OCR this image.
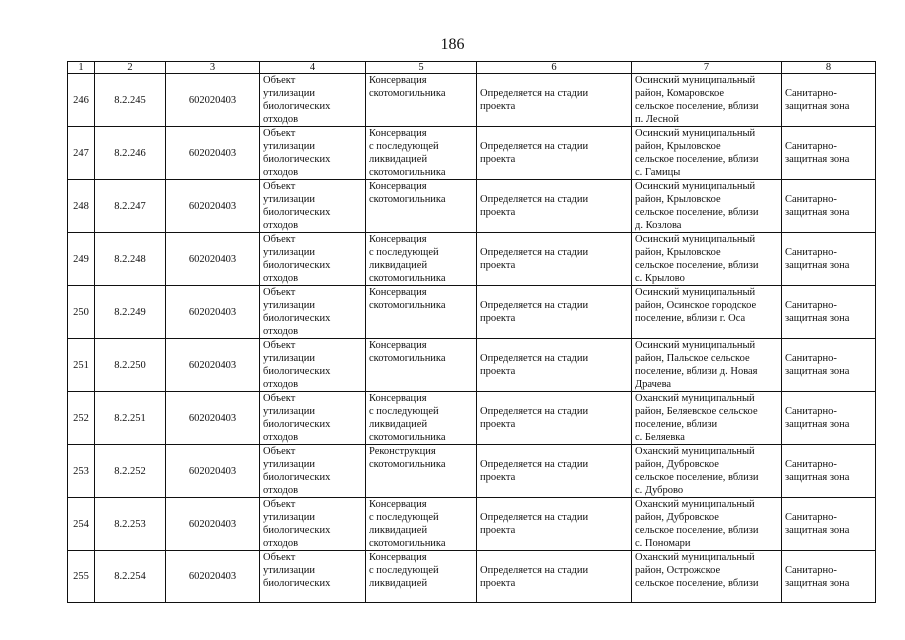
186
1	2	3	4	5	6	7	8

246	8.2.245	602020403	Объект
утилизации
биологических
отходов	Консервация
скотомогильника	Определяется на стадии
проекта	Осинский муниципальный
район, Комаровское
сельское поселение, вблизи
п. Лесной	Санитарно-
защитная зона

247	8.2.246	602020403	Объект
утилизации
биологических
отходов	Консервация
с последующей
ликвидацией
скотомогильника	Определяется на стадии
проекта	Осинский муниципальный
район, Крыловское
сельское поселение, вблизи
с. Гамицы	Санитарно-
защитная зона

248	8.2.247	602020403	Объект
утилизации
биологических
отходов	Консервация
скотомогильника	Определяется на стадии
проекта	Осинский муниципальный
район, Крыловское
сельское поселение, вблизи
д. Козлова	Санитарно-
защитная зона

249	8.2.248	602020403	Объект
утилизации
биологических
отходов	Консервация
с последующей
ликвидацией
скотомогильника	Определяется на стадии
проекта	Осинский муниципальный
район, Крыловское
сельское поселение, вблизи
с. Крылово	Санитарно-
защитная зона

250	8.2.249	602020403	Объект
утилизации
биологических
отходов	Консервация
скотомогильника	Определяется на стадии
проекта	Осинский муниципальный
район, Осинское городское
поселение, вблизи г. Оса	Санитарно-
защитная зона

251	8.2.250	602020403	Объект
утилизации
биологических
отходов	Консервация
скотомогильника	Определяется на стадии
проекта	Осинский муниципальный
район, Пальское сельское
поселение, вблизи д. Новая
Драчева	Санитарно-
защитная зона

252	8.2.251	602020403	Объект
утилизации
биологических
отходов	Консервация
с последующей
ликвидацией
скотомогильника	Определяется на стадии
проекта	Оханский муниципальный
район, Беляевское сельское
поселение, вблизи
с. Беляевка	Санитарно-
защитная зона

253	8.2.252	602020403	Объект
утилизации
биологических
отходов	Реконструкция
скотомогильника	Определяется на стадии
проекта	Оханский муниципальный
район, Дубровское
сельское поселение, вблизи
с. Дуброво	Санитарно-
защитная зона

254	8.2.253	602020403	Объект
утилизации
биологических
отходов	Консервация
с последующей
ликвидацией
скотомогильника	Определяется на стадии
проекта	Оханский муниципальный
район, Дубровское
сельское поселение, вблизи
с. Пономари	Санитарно-
защитная зона

255	8.2.254	602020403	Объект
утилизации
биологических	Консервация
с последующей
ликвидацией	Определяется на стадии
проекта	Оханский муниципальный
район, Острожское
сельское поселение, вблизи	Санитарно-
защитная зона
